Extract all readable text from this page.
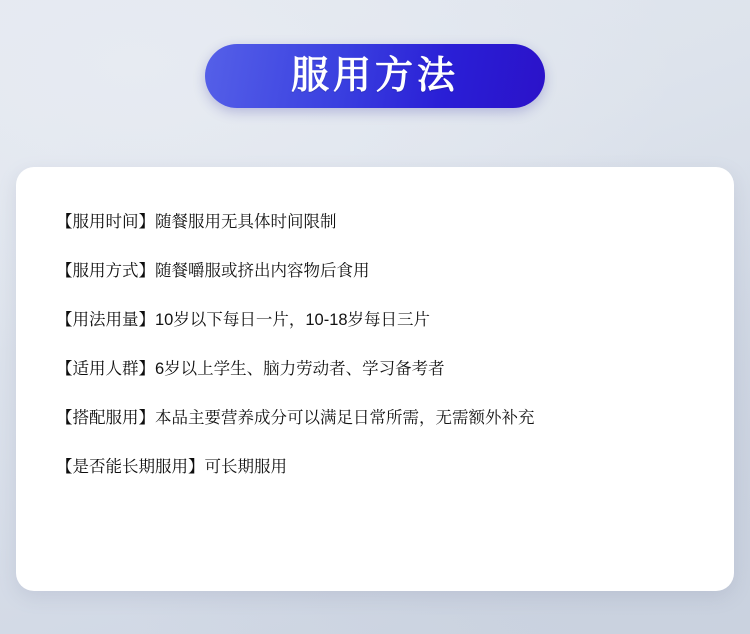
服用方法
【服用时间】随餐服用无具体时间限制
【服用方式】随餐嚼服或挤出内容物后食用
【用法用量】10岁以下每日一片，10-18岁每日三片
【适用人群】6岁以上学生、脑力劳动者、学习备考者
【搭配服用】本品主要营养成分可以满足日常所需，无需额外补充
【是否能长期服用】可长期服用
